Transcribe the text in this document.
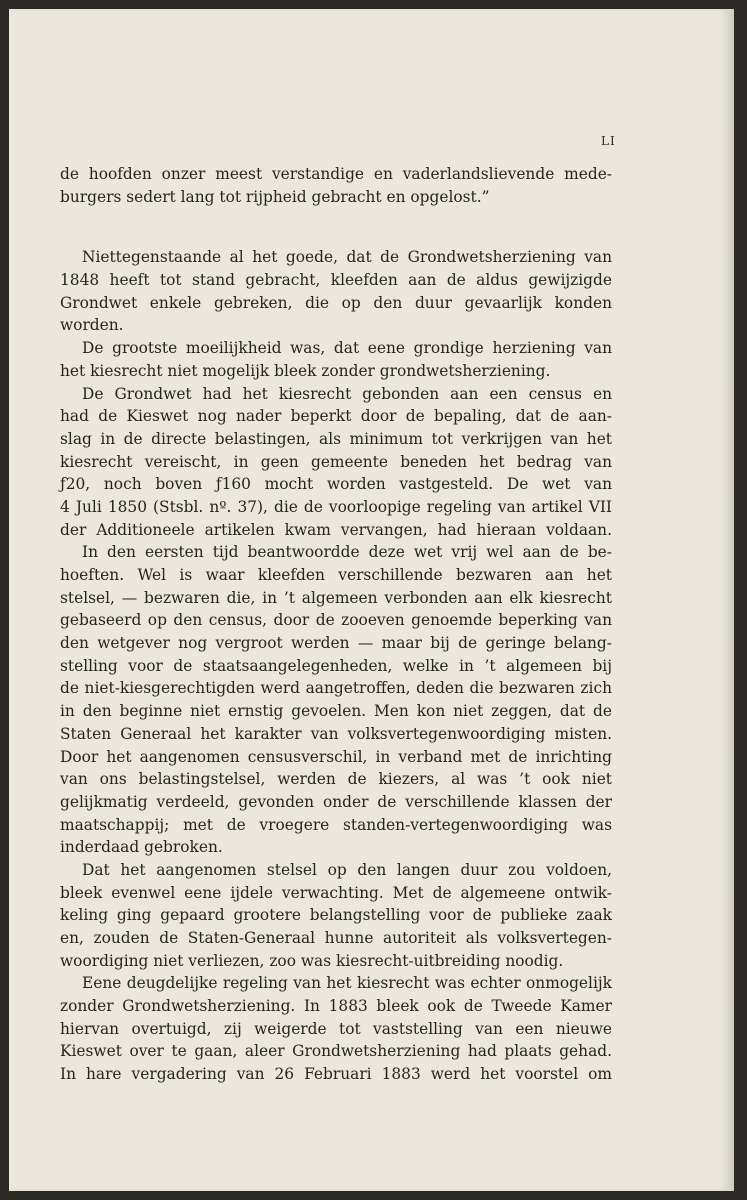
LI
de hoofden onzer meest verstandige en vaderlandslievende mede-
burgers sedert lang tot rijpheid gebracht en opgelost.”
Niettegenstaande al het goede, dat de Grondwetsherziening van
1848 heeft tot stand gebracht, kleefden aan de aldus gewijzigde
Grondwet enkele gebreken, die op den duur gevaarlijk konden
worden.
De grootste moeilijkheid was, dat eene grondige herziening van
het kiesrecht niet mogelijk bleek zonder grondwetsherziening.
De Grondwet had het kiesrecht gebonden aan een census en
had de Kieswet nog nader beperkt door de bepaling, dat de aan-
slag in de directe belastingen, als minimum tot verkrijgen van het
kiesrecht vereischt, in geen gemeente beneden het bedrag van
ƒ20, noch boven ƒ160 mocht worden vastgesteld. De wet van
4 Juli 1850 (Stsbl. nº. 37), die de voorloopige regeling van artikel VII
der Additioneele artikelen kwam vervangen, had hieraan voldaan.
In den eersten tijd beantwoordde deze wet vrij wel aan de be-
hoeften. Wel is waar kleefden verschillende bezwaren aan het
stelsel, — bezwaren die, in ’t algemeen verbonden aan elk kiesrecht
gebaseerd op den census, door de zooeven genoemde beperking van
den wetgever nog vergroot werden — maar bij de geringe belang-
stelling voor de staatsaangelegenheden, welke in ’t algemeen bij
de niet-kiesgerechtigden werd aangetroffen, deden die bezwaren zich
in den beginne niet ernstig gevoelen. Men kon niet zeggen, dat de
Staten Generaal het karakter van volksvertegenwoordiging misten.
Door het aangenomen censusverschil, in verband met de inrichting
van ons belastingstelsel, werden de kiezers, al was ’t ook niet
gelijkmatig verdeeld, gevonden onder de verschillende klassen der
maatschappij; met de vroegere standen-vertegenwoordiging was
inderdaad gebroken.
Dat het aangenomen stelsel op den langen duur zou voldoen,
bleek evenwel eene ijdele verwachting. Met de algemeene ontwik-
keling ging gepaard grootere belangstelling voor de publieke zaak
en, zouden de Staten-Generaal hunne autoriteit als volksvertegen-
woordiging niet verliezen, zoo was kiesrecht-uitbreiding noodig.
Eene deugdelijke regeling van het kiesrecht was echter onmogelijk
zonder Grondwetsherziening. In 1883 bleek ook de Tweede Kamer
hiervan overtuigd, zij weigerde tot vaststelling van een nieuwe
Kieswet over te gaan, aleer Grondwetsherziening had plaats gehad.
In hare vergadering van 26 Februari 1883 werd het voorstel om
